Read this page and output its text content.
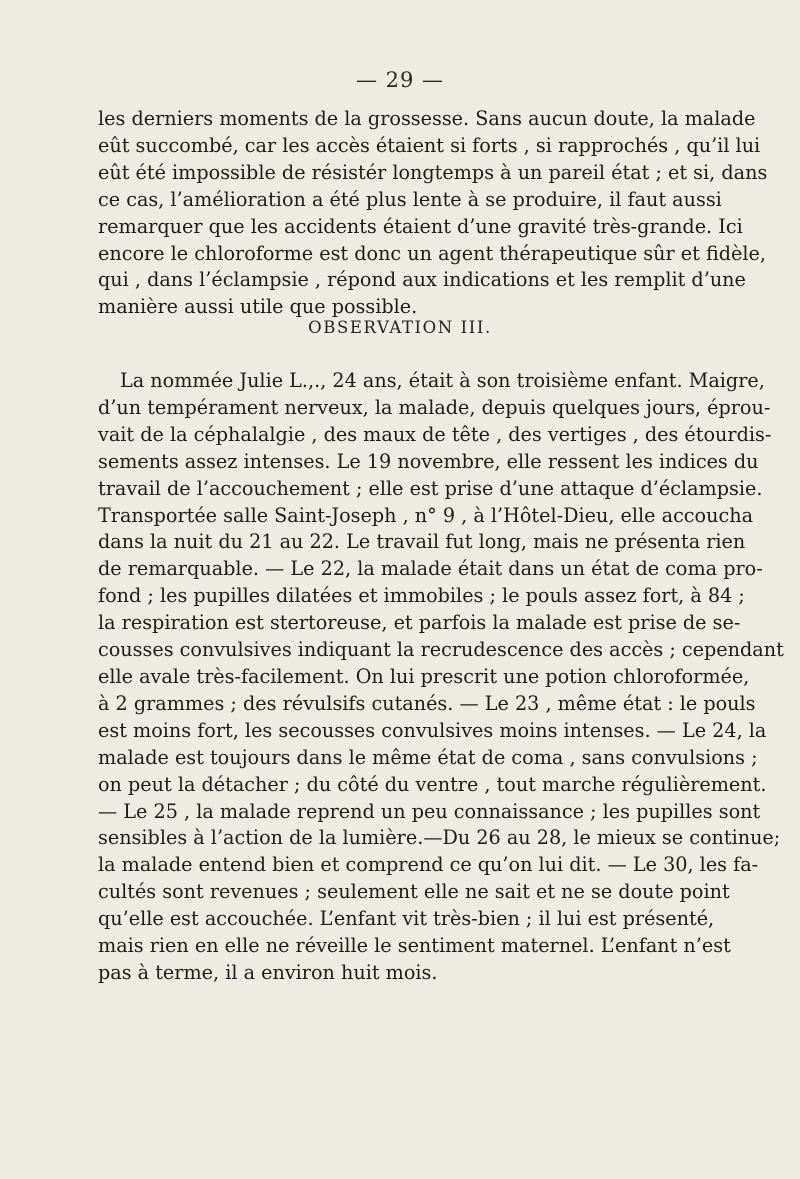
— 29 —
les derniers moments de la grossesse. Sans aucun doute, la malade
eût succombé, car les accès étaient si forts , si rapprochés , qu’il lui
eût été impossible de résistér longtemps à un pareil état ; et si, dans
ce cas, l’amélioration a été plus lente à se produire, il faut aussi
remarquer que les accidents étaient d’une gravité très-grande. Ici
encore le chloroforme est donc un agent thérapeutique sûr et fidèle,
qui , dans l’éclampsie , répond aux indications et les remplit d’une
manière aussi utile que possible.
OBSERVATION III.
La nommée Julie L.,., 24 ans, était à son troisième enfant. Maigre,
d’un tempérament nerveux, la malade, depuis quelques jours, éprou-
vait de la céphalalgie , des maux de tête , des vertiges , des étourdis-
sements assez intenses. Le 19 novembre, elle ressent les indices du
travail de l’accouchement ; elle est prise d’une attaque d’éclampsie.
Transportée salle Saint-Joseph , n° 9 , à l’Hôtel-Dieu, elle accoucha
dans la nuit du 21 au 22. Le travail fut long, mais ne présenta rien
de remarquable. — Le 22, la malade était dans un état de coma pro-
fond ; les pupilles dilatées et immobiles ; le pouls assez fort, à 84 ;
la respiration est stertoreuse, et parfois la malade est prise de se-
cousses convulsives indiquant la recrudescence des accès ; cependant
elle avale très-facilement. On lui prescrit une potion chloroformée,
à 2 grammes ; des révulsifs cutanés. — Le 23 , même état : le pouls
est moins fort, les secousses convulsives moins intenses. — Le 24, la
malade est toujours dans le même état de coma , sans convulsions ;
on peut la détacher ; du côté du ventre , tout marche régulièrement.
— Le 25 , la malade reprend un peu connaissance ; les pupilles sont
sensibles à l’action de la lumière.—Du 26 au 28, le mieux se continue;
la malade entend bien et comprend ce qu’on lui dit. — Le 30, les fa-
cultés sont revenues ; seulement elle ne sait et ne se doute point
qu’elle est accouchée. L’enfant vit très-bien ; il lui est présenté,
mais rien en elle ne réveille le sentiment maternel. L’enfant n’est
pas à terme, il a environ huit mois.
